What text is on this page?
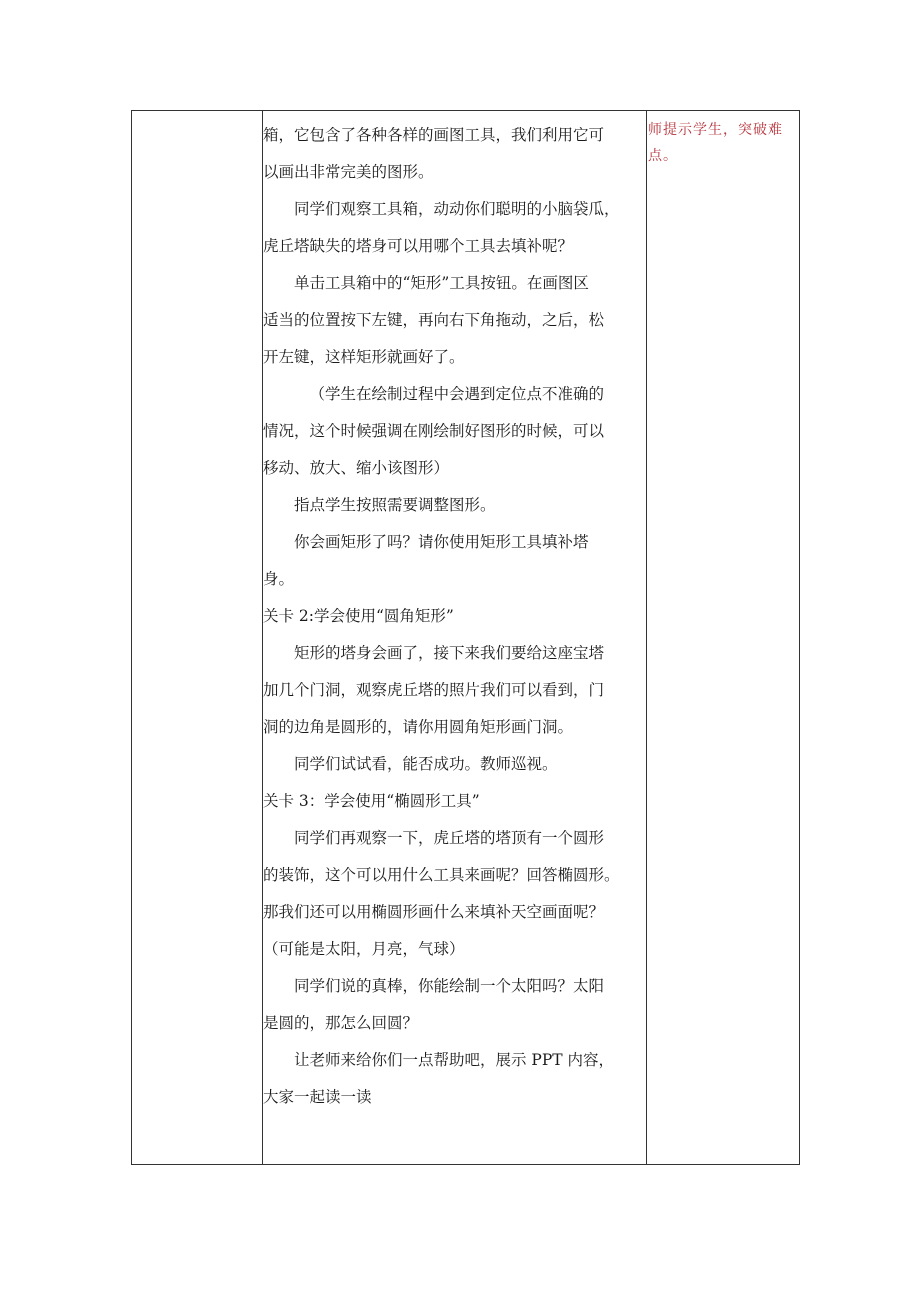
箱，它包含了各种各样的画图工具，我们利用它可

以画出非常完美的图形。

同学们观察工具箱，动动你们聪明的小脑袋瓜，

虎丘塔缺失的塔身可以用哪个工具去填补呢？

单击工具箱中的“矩形”工具按钮。在画图区

适当的位置按下左键，再向右下角拖动，之后，松

开左键，这样矩形就画好了。

（学生在绘制过程中会遇到定位点不准确的

情况，这个时候强调在刚绘制好图形的时候，可以

移动、放大、缩小该图形）

指点学生按照需要调整图形。

你会画矩形了吗？请你使用矩形工具填补塔

身。

关卡 2:学会使用“圆角矩形”

矩形的塔身会画了，接下来我们要给这座宝塔

加几个门洞，观察虎丘塔的照片我们可以看到，门

洞的边角是圆形的，请你用圆角矩形画门洞。

同学们试试看，能否成功。教师巡视。

关卡 3：学会使用“椭圆形工具”

同学们再观察一下，虎丘塔的塔顶有一个圆形

的装饰，这个可以用什么工具来画呢？回答椭圆形。

那我们还可以用椭圆形画什么来填补天空画面呢？

（可能是太阳，月亮，气球）

同学们说的真棒，你能绘制一个太阳吗？太阳

是圆的，那怎么回圆？

让老师来给你们一点帮助吧，展示 PPT 内容，

大家一起读一读

师提示学生，突破难
点。
